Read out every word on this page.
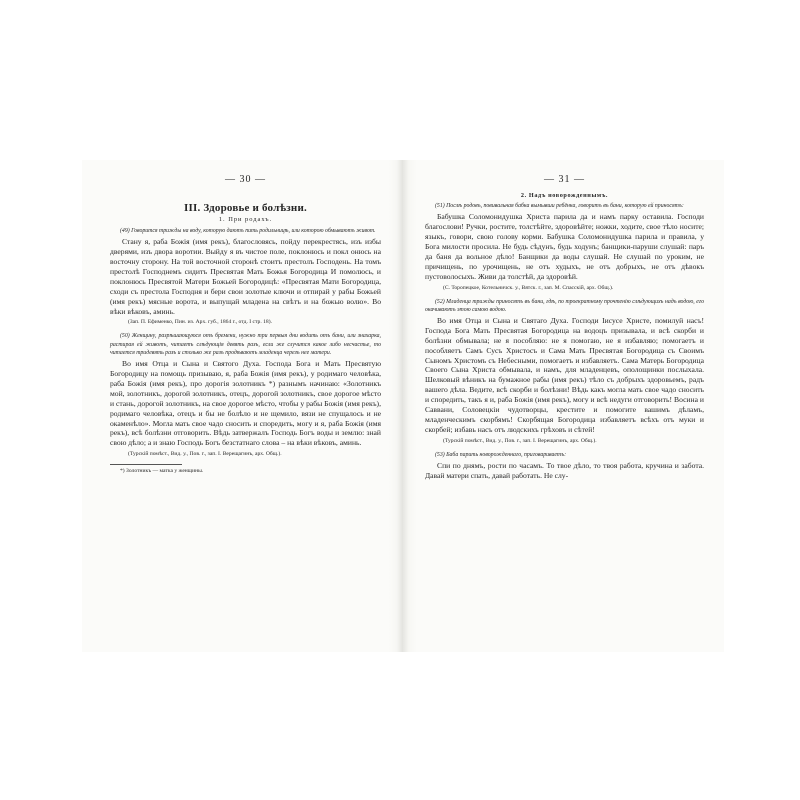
— 30 —
III. Здоровье и болѣзни.
1. При родахъ.

(49) Говорится трижды на воду, которую даютъ пить родильницѣ, или которою обмываютъ живот.

Стану я, раба Божія (имя рекъ), благословясь, пойду перекрестясь, изъ избы дверями, изъ двора воротии. Выйду я въ чистое поле, поклонюсь и покл онюсь на восточну сторону. На той восточной сторонѣ стоитъ престолъ Господень. На томъ престолѣ Господнемъ сидитъ Пресвятая Мать Божья Богородица И помолюсь, и поклонюсь Пресвятой Матери Божьей Богородицѣ: «Пресвятая Мати Богородица, сходи съ престола Господня и бери свои золотые ключи и отпирай у рабы Божьей (имя рекъ) мясные ворота, и выпущай младена на свѣтъ и на божью волю». Во вѣки вѣковъ, аминь.

(Зап. П. Ефименко, Пин. из. Арх. губ., 1864 г., отд. I стр. 18).

(50) Женщину, разрѣшающуюся отъ бремени, нужно три первыя дни водить отъ бани, или знахарка, растирая ей животъ, читаетъ слѣдующія девять разъ, если же случится какое либо несчастье, то читается тридевять разъ и столько же разъ продѣваютъ младенца черезъ нее матери.

Во имя Отца и Сына и Святого Духа. Господа Бога и Мать Пресвятую Богородицу на помощь призываю, я, раба Божія (имя рекъ), у родимаго человѣка, раба Божія (имя рекъ), про дорогія золотникъ *) разнымъ начинаю: «Золотникъ мой, золотникъ, дорогой золотникъ, отецъ, дорогой золотникъ, свое дорогое мѣсто и стань, дорогой золотникъ, на свое дорогое мѣсто, чтобы у рабы Божія (имя рекъ), родимаго человѣка, отецъ и бы не болѣло и не щемило, вязи не спущалось и не окаменѣло». Могла мать свое чадо сносить и споредить, могу и я, раба Божія (имя рекъ), всѣ болѣзни отговорить. Вѣдь затвержалъ Господь Богъ воды и землю: знай свою дѣло; а и знаю Господь Богъ безстатнаго слова – на вѣки вѣковъ, аминь.

(Турскій помѣст., Вид. у., Пов. г., зап. I. Верещагинъ, арх. Общ.).

*) Золотникъ — матка у женщины.
— 31 —
2. Надъ новорожденнымъ.

(51) Послѣ родовъ, повивальная бабка вымывши ребёнка, говоритъ въ бани, которую ей приносятъ:

Бабушка Соломонидушка Христа парила да и намъ парку оставила. Господи благослови! Ручки, ростите, толстѣйте, здоровѣйте; ножки, ходите, свое тѣло носите; языкъ, говори, свою голову корми. Бабушка Соломонидушка парила и правила, у Бога милости просила. Не будь сѣдунъ, будь ходунъ; банщики-паруши слушай: паръ да баня да вольное дѣло! Банщики да воды слушай. Не слушай по уроким, не причищень, по урочищень, не отъ худыхъ, не отъ добрыхъ, не отъ дѣвокъ пустоволосыхъ. Живи да толстѣй, да здоровѣй.

(С. Торопецкое, Котельничск. у., Вятск. г., зап. М. Спасскій, арх. Общ.).

(52) Младенца трижды приносятъ въ бани, гдѣ, по троекратному прочтенію слѣдующихъ надъ водою, его окачиваютъ этою самою водою.

Во имя Отца и Сына и Святаго Духа. Господи Іисусе Христе, помилуй насъ! Господа Бога Мать Пресвятая Богородица на водоцъ призывала, и всѣ скорби и болѣзни обмывала; не я пособляю: не я помогаю, не я избавляю; помогаетъ и пособляетъ Самъ Сусъ Христосъ и Сама Мать Пресвятая Богородица съ Своимъ Сыномъ Христомъ съ Небесными, помогаетъ и избавляетъ. Сама Матерь Богородица Своего Сына Христа обмывала, и намъ, для младенцевъ, ополощинки послыхала. Шелковый вѣникъ на бумажное рабы (имя рекъ) тѣло съ добрыхъ здоровьемъ, радъ вашего дѣла. Ведите, всѣ скорби и болѣзни! Вѣдь какъ могла мать свое чадо сносить и споредить, такъ я и, раба Божія (имя рекъ), могу и всѣ недуги отговорить! Восина и Саввани, Соловецкіи чудотворцы, крестите и помогите вашимъ дѣламъ, младенческимъ скорбямъ! Скорбящая Богородица избавляетъ всѣхъ отъ муки и скорбей; избавь насъ отъ людскихъ грѣховъ и сѣтей!

(Турскій помѣст., Вид. у., Пов. г., зап. I. Верещагинъ, арх. Общ.).

(53) Баба парить новорожденнаго, приговариваетъ:

Спи по днямъ, рости по часамъ. То твое дѣло, то твоя работа, кручина и забота. Давай матери спать, давай работать. Не слу-
